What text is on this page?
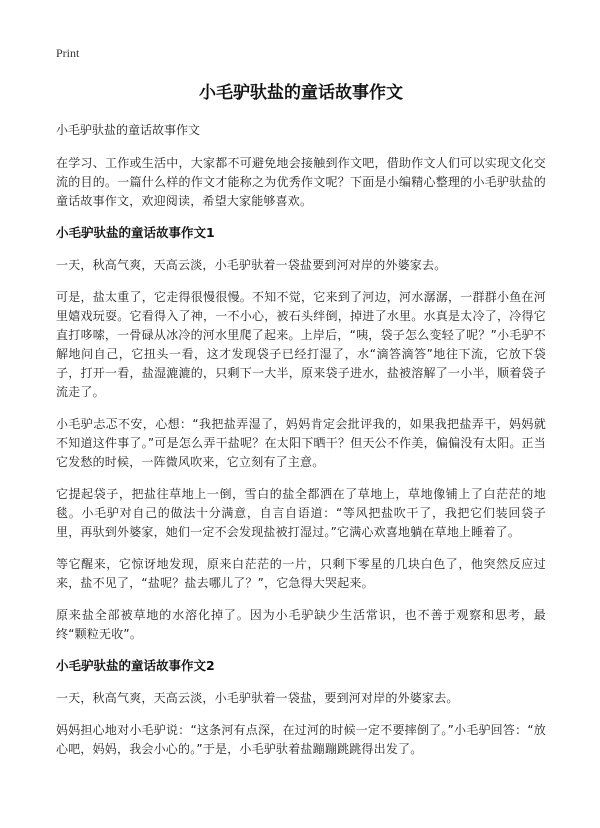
Print
小毛驴驮盐的童话故事作文
小毛驴驮盐的童话故事作文

在学习、工作或生活中，大家都不可避免地会接触到作文吧，借助作文人们可以实现文化交流的目的。一篇什么样的作文才能称之为优秀作文呢？下面是小编精心整理的小毛驴驮盐的童话故事作文，欢迎阅读，希望大家能够喜欢。

小毛驴驮盐的童话故事作文1

一天，秋高气爽，天高云淡，小毛驴驮着一袋盐要到河对岸的外婆家去。

可是，盐太重了，它走得很慢很慢。不知不觉，它来到了河边，河水潺潺，一群群小鱼在河里嬉戏玩耍。它看得入了神，一不小心，被石头绊倒，掉进了水里。水真是太冷了，冷得它直打哆嗦，一骨碌从冰冷的河水里爬了起来。上岸后，“咦，袋子怎么变轻了呢？”小毛驴不解地问自己，它扭头一看，这才发现袋子已经打湿了，水“滴答滴答”地往下流，它放下袋子，打开一看，盐湿漉漉的，只剩下一大半，原来袋子进水，盐被溶解了一小半，顺着袋子流走了。

小毛驴忐忑不安，心想：“我把盐弄湿了，妈妈肯定会批评我的，如果我把盐弄干，妈妈就不知道这件事了。”可是怎么弄干盐呢？在太阳下晒干？但天公不作美，偏偏没有太阳。正当它发愁的时候，一阵微风吹来，它立刻有了主意。

它提起袋子，把盐往草地上一倒，雪白的盐全都洒在了草地上，草地像铺上了白茫茫的地毯。小毛驴对自己的做法十分满意，自言自语道：“等风把盐吹干了，我把它们装回袋子里，再驮到外婆家，她们一定不会发现盐被打湿过。”它满心欢喜地躺在草地上睡着了。

等它醒来，它惊讶地发现，原来白茫茫的一片，只剩下零星的几块白色了，他突然反应过来，盐不见了，“盐呢？盐去哪儿了？”，它急得大哭起来。

原来盐全部被草地的水溶化掉了。因为小毛驴缺少生活常识，也不善于观察和思考，最终“颗粒无收”。

小毛驴驮盐的童话故事作文2

一天，秋高气爽，天高云淡，小毛驴驮着一袋盐，要到河对岸的外婆家去。

妈妈担心地对小毛驴说：“这条河有点深，在过河的时候一定不要摔倒了。”小毛驴回答：“放心吧，妈妈，我会小心的。”于是，小毛驴驮着盐蹦蹦跳跳得出发了。
